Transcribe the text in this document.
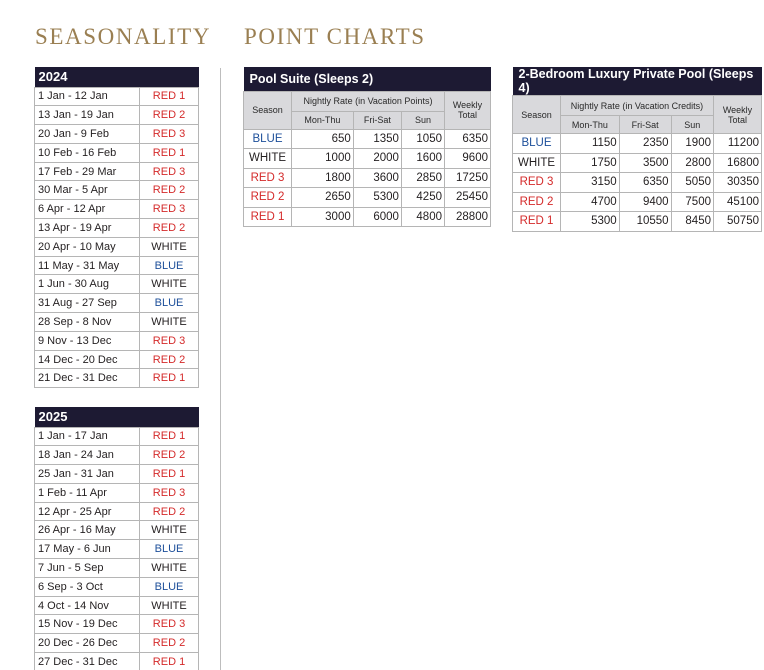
SEASONALITY POINT CHARTS
2024	
1 Jan - 12 Jan	RED 1
13 Jan - 19 Jan	RED 2
20 Jan - 9 Feb	RED 3
10 Feb - 16 Feb	RED 1
17 Feb - 29 Mar	RED 3
30 Mar - 5 Apr	RED 2
6 Apr - 12 Apr	RED 3
13 Apr - 19 Apr	RED 2
20 Apr - 10 May	WHITE
11 May - 31 May	BLUE
1 Jun - 30 Aug	WHITE
31 Aug - 27 Sep	BLUE
28 Sep - 8 Nov	WHITE
9 Nov - 13 Dec	RED 3
14 Dec - 20 Dec	RED 2
21 Dec - 31 Dec	RED 1
2025	
1 Jan - 17 Jan	RED 1
18 Jan - 24 Jan	RED 2
25 Jan - 31 Jan	RED 1
1 Feb - 11 Apr	RED 3
12 Apr - 25 Apr	RED 2
26 Apr - 16 May	WHITE
17 May - 6 Jun	BLUE
7 Jun - 5 Sep	WHITE
6 Sep - 3 Oct	BLUE
4 Oct - 14 Nov	WHITE
15 Nov - 19 Dec	RED 3
20 Dec - 26 Dec	RED 2
27 Dec - 31 Dec	RED 1
Pool Suite (Sleeps 2)				
Season	Nightly Rate (in Vacation Points)			Weekly Total
	Mon-Thu	Fri-Sat	Sun	
BLUE	650	1350	1050	6350
WHITE	1000	2000	1600	9600
RED 3	1800	3600	2850	17250
RED 2	2650	5300	4250	25450
RED 1	3000	6000	4800	28800
2-Bedroom Luxury Private Pool (Sleeps 4)				
Season	Nightly Rate (in Vacation Credits)			Weekly Total
	Mon-Thu	Fri-Sat	Sun	
BLUE	1150	2350	1900	11200
WHITE	1750	3500	2800	16800
RED 3	3150	6350	5050	30350
RED 2	4700	9400	7500	45100
RED 1	5300	10550	8450	50750
